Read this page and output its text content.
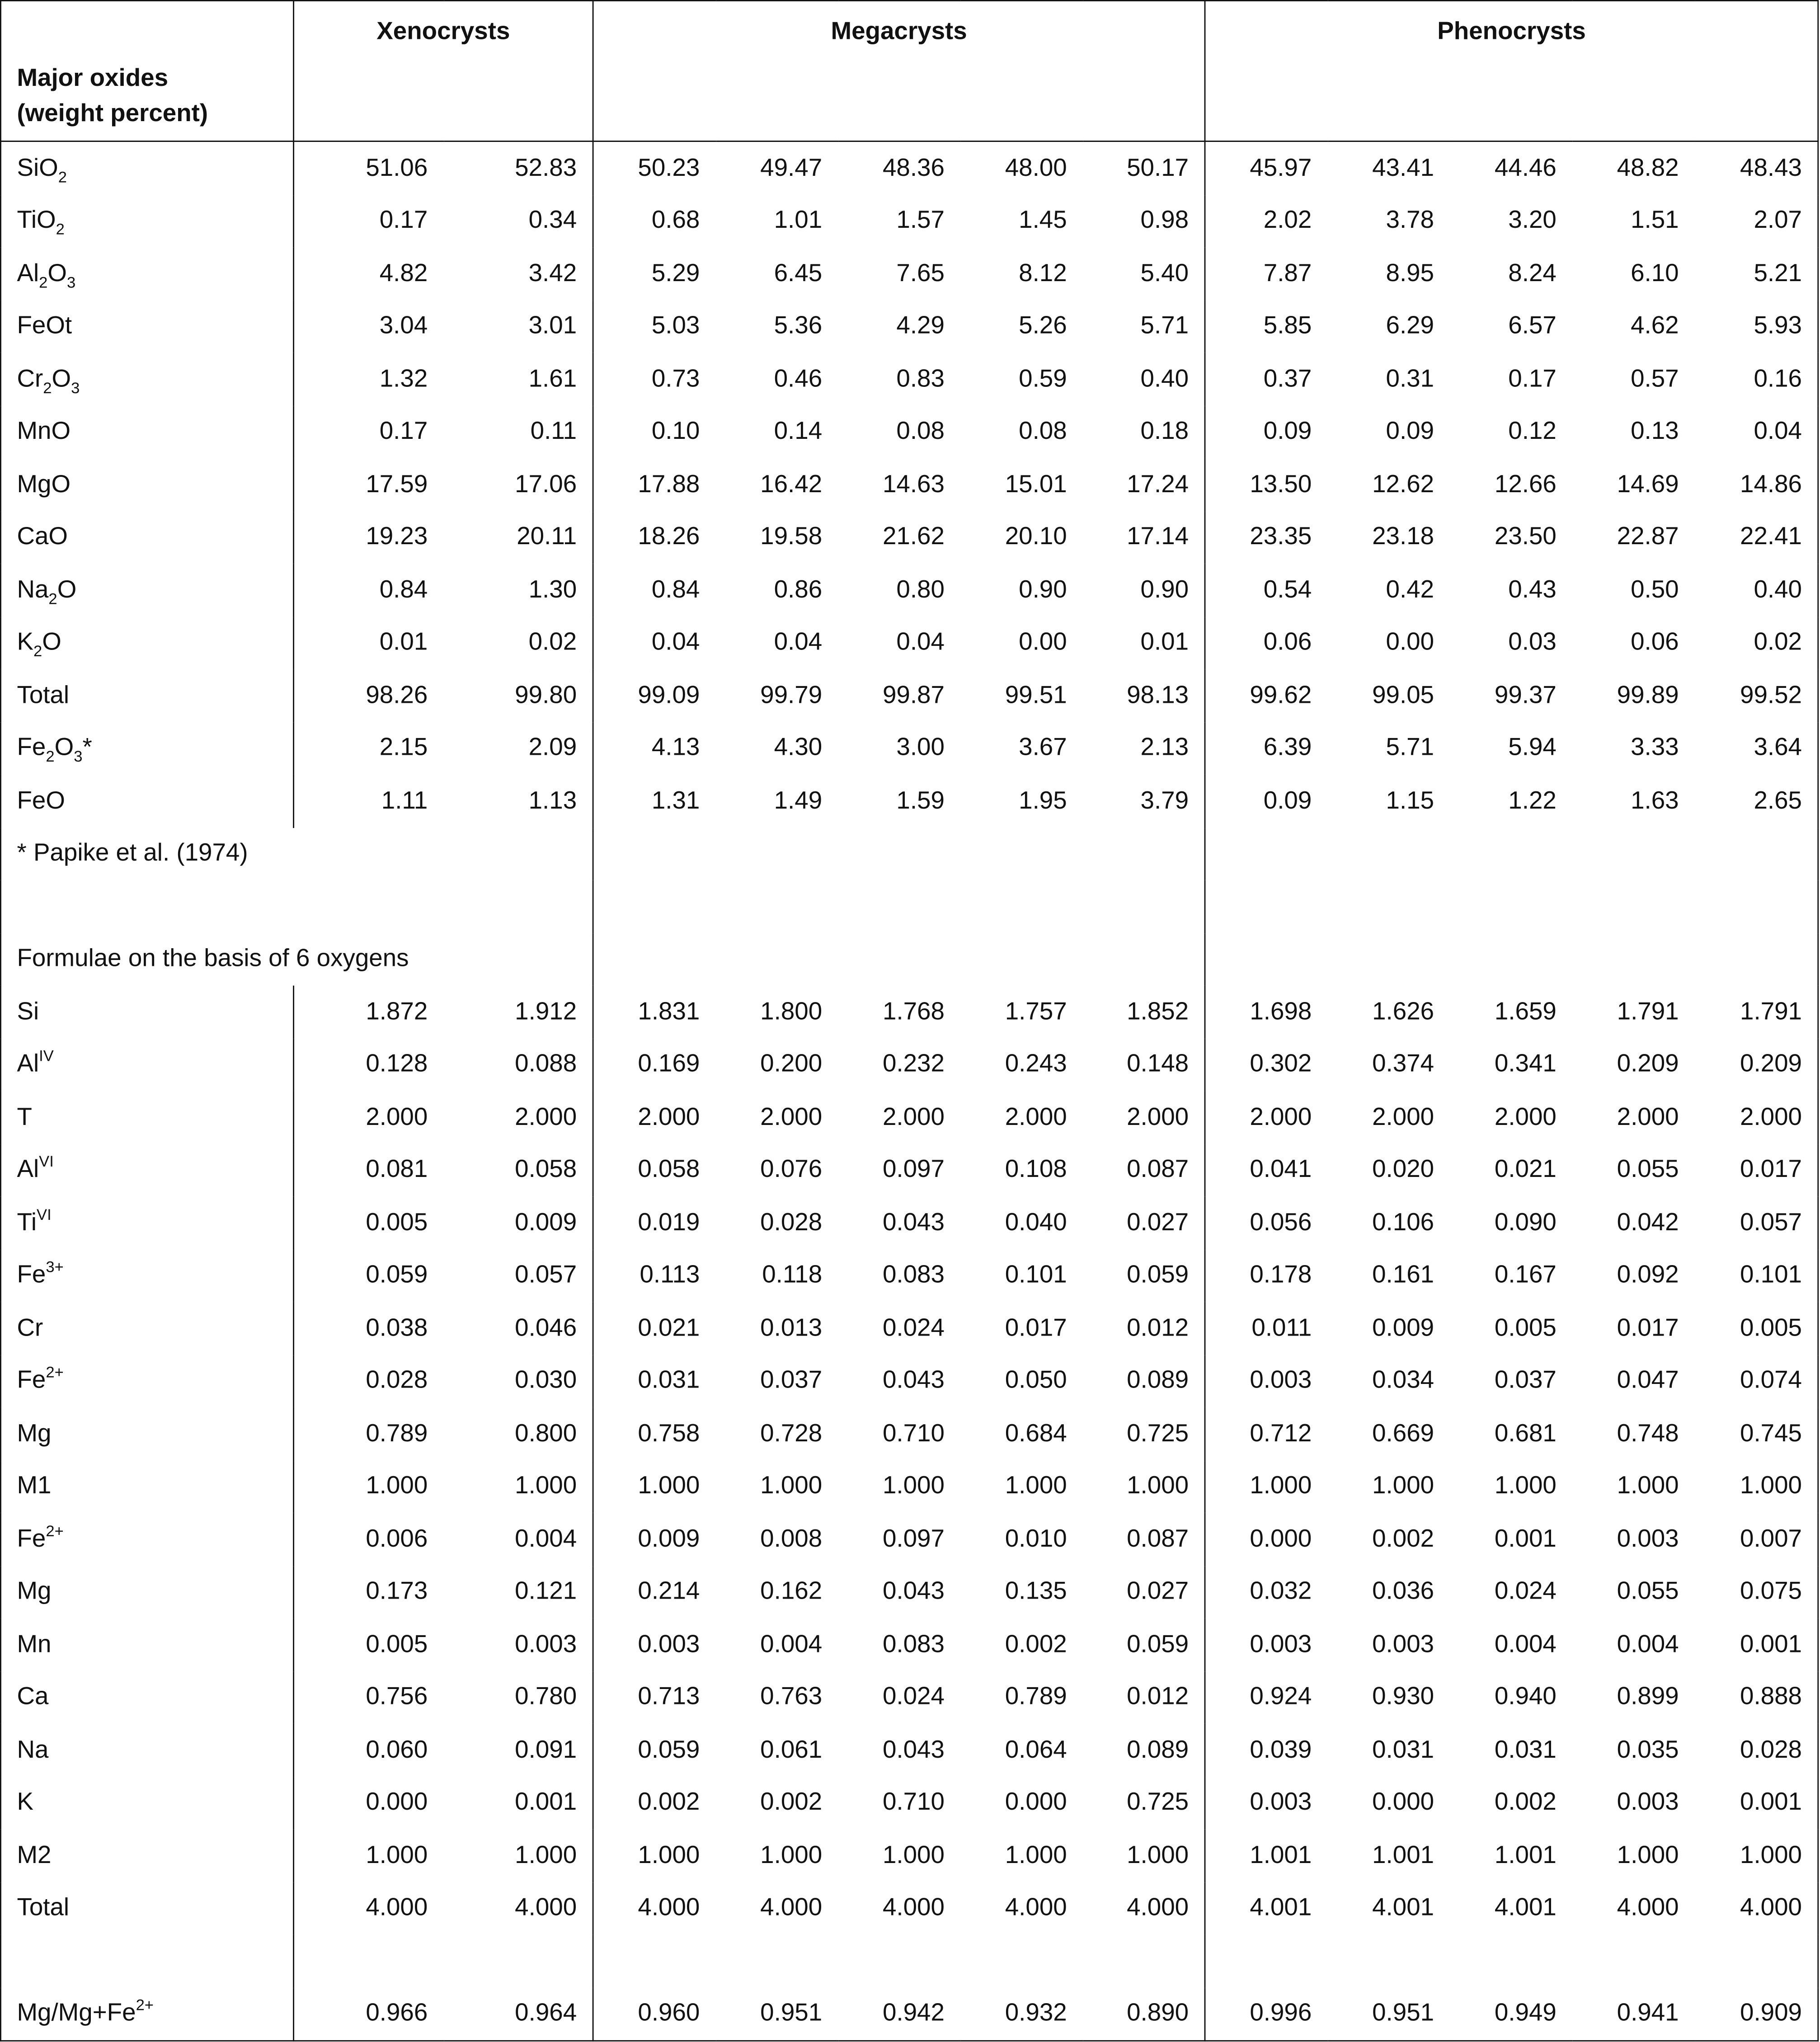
Major oxides
(weight percent)	Xenocrysts		Megacrysts					Phenocrysts				
SiO$_2$	51.06	52.83	50.23	49.47	48.36	48.00	50.17	45.97	43.41	44.46	48.82	48.43
TiO$_2$	0.17	0.34	0.68	1.01	1.57	1.45	0.98	2.02	3.78	3.20	1.51	2.07
$Al_2O_3$	4.82	3.42	5.29	6.45	7.65	8.12	5.40	7.87	8.95	8.24	6.10	5.21
FeOt	3.04	3.01	5.03	5.36	4.29	5.26	5.71	5.85	6.29	6.57	4.62	5.93
$Cr_2O_3$	1.32	1.61	0.73	0.46	0.83	0.59	0.40	0.37	0.31	0.17	0.57	0.16
MnO	0.17	0.11	0.10	0.14	0.08	0.08	0.18	0.09	0.09	0.12	0.13	0.04
MgO	17.59	17.06	17.88	16.42	14.63	15.01	17.24	13.50	12.62	12.66	14.69	14.86
CaO	19.23	20.11	18.26	19.58	21.62	20.10	17.14	23.35	23.18	23.50	22.87	22.41
$Na_2O$	0.84	1.30	0.84	0.86	0.80	0.90	0.90	0.54	0.42	0.43	0.50	0.40
$K_2O$	0.01	0.02	0.04	0.04	0.04	0.00	0.01	0.06	0.00	0.03	0.06	0.02
Total	98.26	99.80	99.09	99.79	99.87	99.51	98.13	99.62	99.05	99.37	99.89	99.52
$Fe_2O_3*$	2.15	2.09	4.13	4.30	3.00	3.67	2.13	6.39	5.71	5.94	3.33	3.64
FeO	1.11	1.13	1.31	1.49	1.59	1.95	3.79	0.09	1.15	1.22	1.63	2.65
* Papike et al. (1974)												

Formulae on the basis of 6 oxygens												
Si	1.872	1.912	1.831	1.800	1.768	1.757	1.852	1.698	1.626	1.659	1.791	1.791
$Al^{IV}$	0.128	0.088	0.169	0.200	0.232	0.243	0.148	0.302	0.374	0.341	0.209	0.209
T	2.000	2.000	2.000	2.000	2.000	2.000	2.000	2.000	2.000	2.000	2.000	2.000
$Al^{VI}$	0.081	0.058	0.058	0.076	0.097	0.108	0.087	0.041	0.020	0.021	0.055	0.017
$Ti^{VI}$	0.005	0.009	0.019	0.028	0.043	0.040	0.027	0.056	0.106	0.090	0.042	0.057
$Fe^{3+}$	0.059	0.057	0.113	0.118	0.083	0.101	0.059	0.178	0.161	0.167	0.092	0.101
Cr	0.038	0.046	0.021	0.013	0.024	0.017	0.012	0.011	0.009	0.005	0.017	0.005
$Fe^{2+}$	0.028	0.030	0.031	0.037	0.043	0.050	0.089	0.003	0.034	0.037	0.047	0.074
Mg	0.789	0.800	0.758	0.728	0.710	0.684	0.725	0.712	0.669	0.681	0.748	0.745
M1	1.000	1.000	1.000	1.000	1.000	1.000	1.000	1.000	1.000	1.000	1.000	1.000
$Fe^{2+}$	0.006	0.004	0.009	0.008	0.097	0.010	0.087	0.000	0.002	0.001	0.003	0.007
Mg	0.173	0.121	0.214	0.162	0.043	0.135	0.027	0.032	0.036	0.024	0.055	0.075
Mn	0.005	0.003	0.003	0.004	0.083	0.002	0.059	0.003	0.003	0.004	0.004	0.001
Ca	0.756	0.780	0.713	0.763	0.024	0.789	0.012	0.924	0.930	0.940	0.899	0.888
Na	0.060	0.091	0.059	0.061	0.043	0.064	0.089	0.039	0.031	0.031	0.035	0.028
K	0.000	0.001	0.002	0.002	0.710	0.000	0.725	0.003	0.000	0.002	0.003	0.001
M2	1.000	1.000	1.000	1.000	1.000	1.000	1.000	1.001	1.001	1.001	1.000	1.000
Total	4.000	4.000	4.000	4.000	4.000	4.000	4.000	4.001	4.001	4.001	4.000	4.000

$Mg/Mg+Fe^{2+}$	0.966	0.964	0.960	0.951	0.942	0.932	0.890	0.996	0.951	0.949	0.941	0.909
